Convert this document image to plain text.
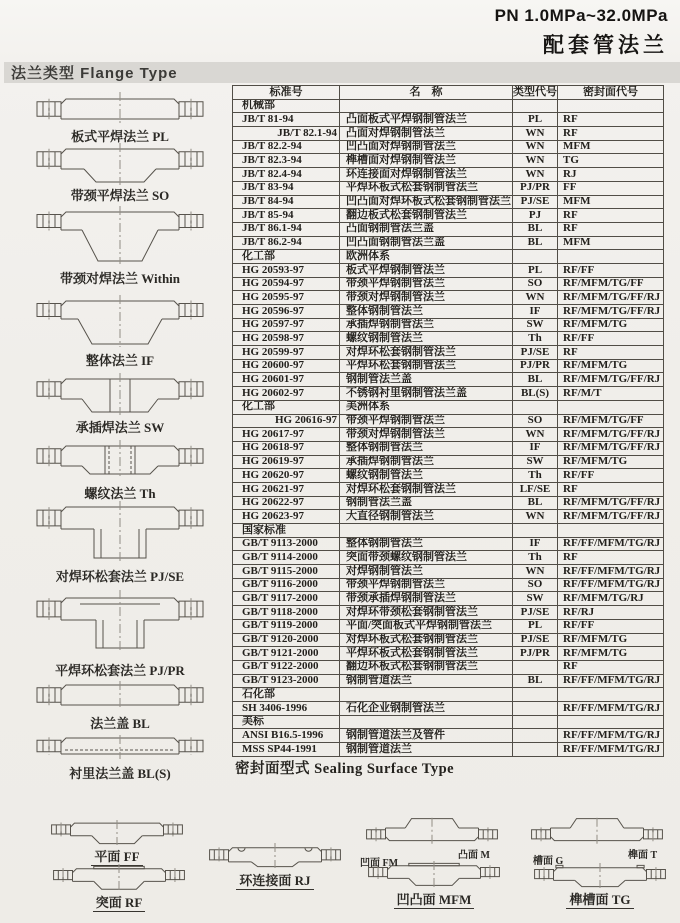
PN 1.0MPa~32.0MPa
配套管法兰
法兰类型 Flange Type
板式平焊法兰 PL
带颈平焊法兰 SO
带颈对焊法兰 Within
整体法兰 IF
承插焊法兰 SW
螺纹法兰 Th
对焊环松套法兰 PJ/SE
平焊环松套法兰 PJ/PR
法兰盖 BL
衬里法兰盖 BL(S)
标准号	名　称	类型代号	密封面代号
机械部			
JB/T 81-94	凸面板式平焊钢制管法兰	PL	RF
JB/T 82.1-94	凸面对焊钢制管法兰	WN	RF
JB/T 82.2-94	凹凸面对焊钢制管法兰	WN	MFM
JB/T 82.3-94	榫槽面对焊钢制管法兰	WN	TG
JB/T 82.4-94	环连接面对焊钢制管法兰	WN	RJ
JB/T 83-94	平焊环板式松套钢制管法兰	PJ/PR	FF
JB/T 84-94	凹凸面对焊环板式松套钢制管法兰	PJ/SE	MFM
JB/T 85-94	翻边板式松套钢制管法兰	PJ	RF
JB/T 86.1-94	凸面钢制管法兰盖	BL	RF
JB/T 86.2-94	凹凸面钢制管法兰盖	BL	MFM
化工部	欧洲体系		
HG 20593-97	板式平焊钢制管法兰	PL	RF/FF
HG 20594-97	带颈平焊钢制管法兰	SO	RF/MFM/TG/FF
HG 20595-97	带颈对焊钢制管法兰	WN	RF/MFM/TG/FF/RJ
HG 20596-97	整体钢制管法兰	IF	RF/MFM/TG/FF/RJ
HG 20597-97	承插焊钢制管法兰	SW	RF/MFM/TG
HG 20598-97	螺纹钢制管法兰	Th	RF/FF
HG 20599-97	对焊环松套钢制管法兰	PJ/SE	RF
HG 20600-97	平焊环松套钢制管法兰	PJ/PR	RF/MFM/TG
HG 20601-97	钢制管法兰盖	BL	RF/MFM/TG/FF/RJ
HG 20602-97	不锈钢衬里钢制管法兰盖	BL(S)	RF/M/T
化工部	美洲体系		
HG 20616-97	带颈平焊钢制管法兰	SO	RF/MFM/TG/FF
HG 20617-97	带颈对焊钢制管法兰	WN	RF/MFM/TG/FF/RJ
HG 20618-97	整体钢制管法兰	IF	RF/MFM/TG/FF/RJ
HG 20619-97	承插焊钢制管法兰	SW	RF/MFM/TG
HG 20620-97	螺纹钢制管法兰	Th	RF/FF
HG 20621-97	对焊环松套钢制管法兰	LF/SE	RF
HG 20622-97	钢制管法兰盖	BL	RF/MFM/TG/FF/RJ
HG 20623-97	大直径钢制管法兰	WN	RF/MFM/TG/FF/RJ
国家标准			
GB/T 9113-2000	整体钢制管法兰	IF	RF/FF/MFM/TG/RJ
GB/T 9114-2000	突面带颈螺纹钢制管法兰	Th	RF
GB/T 9115-2000	对焊钢制管法兰	WN	RF/FF/MFM/TG/RJ
GB/T 9116-2000	带颈平焊钢制管法兰	SO	RF/FF/MFM/TG/RJ
GB/T 9117-2000	带颈承插焊钢制管法兰	SW	RF/MFM/TG/RJ
GB/T 9118-2000	对焊环带颈松套钢制管法兰	PJ/SE	RF/RJ
GB/T 9119-2000	平面/突面板式平焊钢制管法兰	PL	RF/FF
GB/T 9120-2000	对焊环板式松套钢制管法兰	PJ/SE	RF/MFM/TG
GB/T 9121-2000	平焊环板式松套钢制管法兰	PJ/PR	RF/MFM/TG
GB/T 9122-2000	翻边环板式松套钢制管法兰		RF
GB/T 9123-2000	钢制管道法兰	BL	RF/FF/MFM/TG/RJ
石化部			
SH 3406-1996	石化企业钢制管法兰		RF/FF/MFM/TG/RJ
美标			
ANSI B16.5-1996	钢制管道法兰及管件		RF/FF/MFM/TG/RJ
MSS SP44-1991	钢制管道法兰		RF/FF/MFM/TG/RJ
密封面型式 Sealing Surface Type
平面 FF
突面 RF
环连接面 RJ
凹凸面 MFM	榫槽面 TG
凸面 M
凹面 FM
榫面 T
槽面 G
